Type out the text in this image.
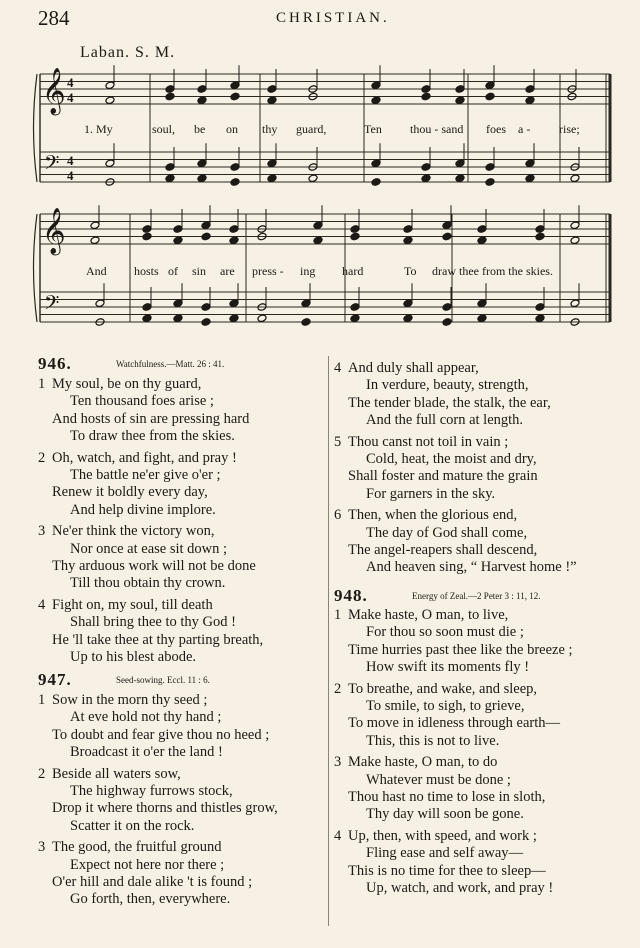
284	CHRISTIAN.
Laban. S. M.
𝄞
𝄢
4
4
4
4
𝄞
𝄢
1. My	soul, be on thy guard,	Ten thou - sand foes a - rise;
And hosts of sin are press - ing hard	To draw thee from the skies.
946.	Watchfulness.—Matt. 26 : 41.
1 My soul, be on thy guard,
Ten thousand foes arise ;
And hosts of sin are pressing hard
To draw thee from the skies.
2 Oh, watch, and fight, and pray !
The battle ne'er give o'er ;
Renew it boldly every day,
And help divine implore.
3 Ne'er think the victory won,
Nor once at ease sit down ;
Thy arduous work will not be done
Till thou obtain thy crown.
4 Fight on, my soul, till death
Shall bring thee to thy God !
He 'll take thee at thy parting breath,
Up to his blest abode.
947.	Seed-sowing. Eccl. 11 : 6.
1 Sow in the morn thy seed ;
At eve hold not thy hand ;
To doubt and fear give thou no heed ;
Broadcast it o'er the land !
2 Beside all waters sow,
The highway furrows stock,
Drop it where thorns and thistles grow,
Scatter it on the rock.
3 The good, the fruitful ground
Expect not here nor there ;
O'er hill and dale alike 't is found ;
Go forth, then, everywhere.
4 And duly shall appear,
In verdure, beauty, strength,
The tender blade, the stalk, the ear,
And the full corn at length.
5 Thou canst not toil in vain ;
Cold, heat, the moist and dry,
Shall foster and mature the grain
For garners in the sky.
6 Then, when the glorious end,
The day of God shall come,
The angel-reapers shall descend,
And heaven sing, “ Harvest home !”
948.	Energy of Zeal.—2 Peter 3 : 11, 12.
1 Make haste, O man, to live,
For thou so soon must die ;
Time hurries past thee like the breeze ;
How swift its moments fly !
2 To breathe, and wake, and sleep,
To smile, to sigh, to grieve,
To move in idleness through earth—
This, this is not to live.
3 Make haste, O man, to do
Whatever must be done ;
Thou hast no time to lose in sloth,
Thy day will soon be gone.
4 Up, then, with speed, and work ;
Fling ease and self away—
This is no time for thee to sleep—
Up, watch, and work, and pray !
